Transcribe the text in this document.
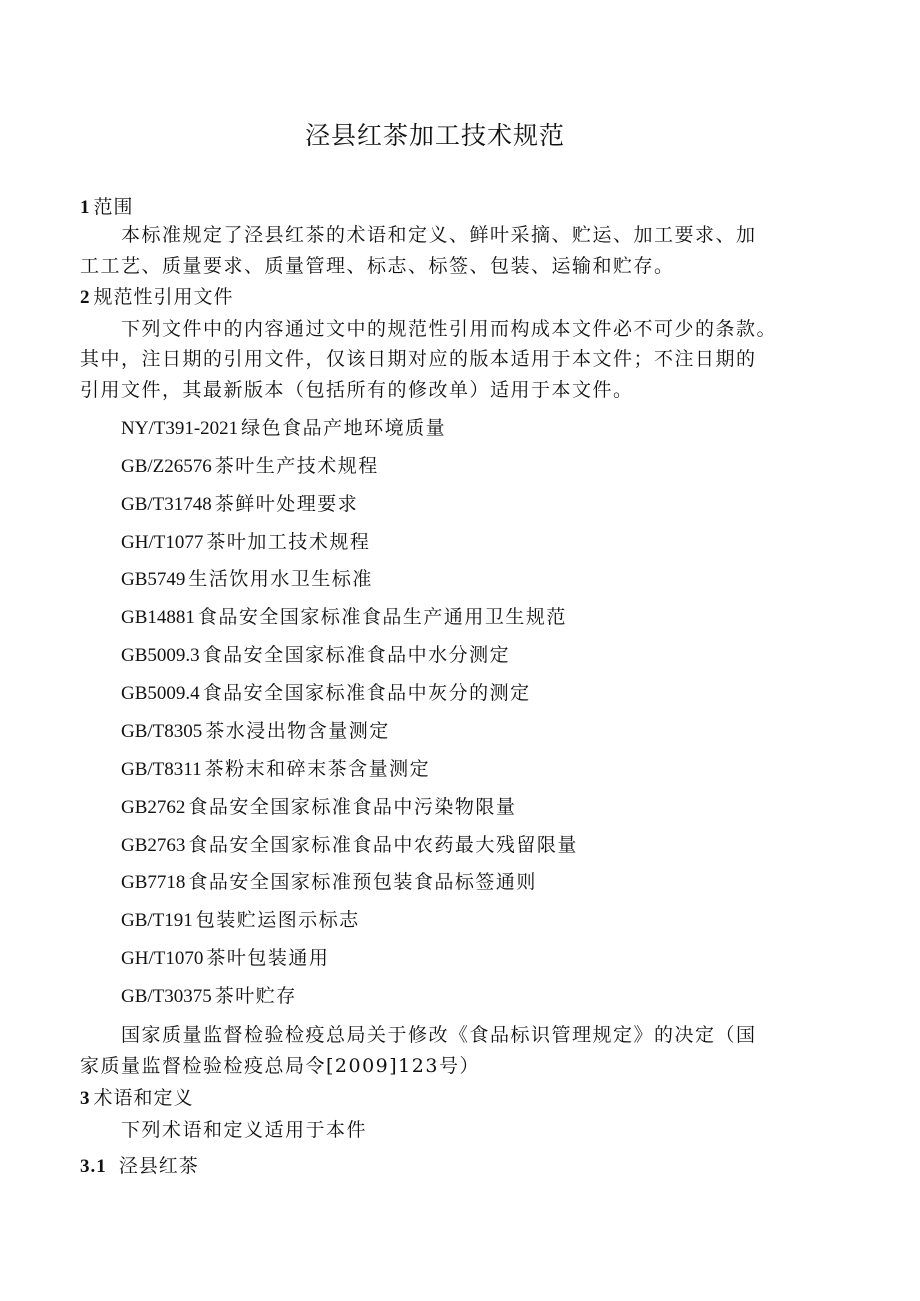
泾县红茶加工技术规范
1 范围
本标准规定了泾县红茶的术语和定义、鲜叶采摘、贮运、加工要求、加
工工艺、质量要求、质量管理、标志、标签、包装、运输和贮存。
2 规范性引用文件
下列文件中的内容通过文中的规范性引用而构成本文件必不可少的条款。
其中，注日期的引用文件，仅该日期对应的版本适用于本文件；不注日期的
引用文件，其最新版本（包括所有的修改单）适用于本文件。
NY/T391-2021 绿色食品产地环境质量
GB/Z26576 茶叶生产技术规程
GB/T31748 茶鲜叶处理要求
GH/T1077 茶叶加工技术规程
GB5749 生活饮用水卫生标准
GB14881 食品安全国家标准食品生产通用卫生规范
GB5009.3 食品安全国家标准食品中水分测定
GB5009.4 食品安全国家标准食品中灰分的测定
GB/T8305 茶水浸出物含量测定
GB/T8311 茶粉末和碎末茶含量测定
GB2762 食品安全国家标准食品中污染物限量
GB2763 食品安全国家标准食品中农药最大残留限量
GB7718 食品安全国家标准预包装食品标签通则
GB/T191 包装贮运图示标志
GH/T1070 茶叶包装通用
GB/T30375 茶叶贮存
国家质量监督检验检疫总局关于修改《食品标识管理规定》的决定（国
家质量监督检验检疫总局令[2009]123号）
3 术语和定义
下列术语和定义适用于本件
3.1 泾县红茶
